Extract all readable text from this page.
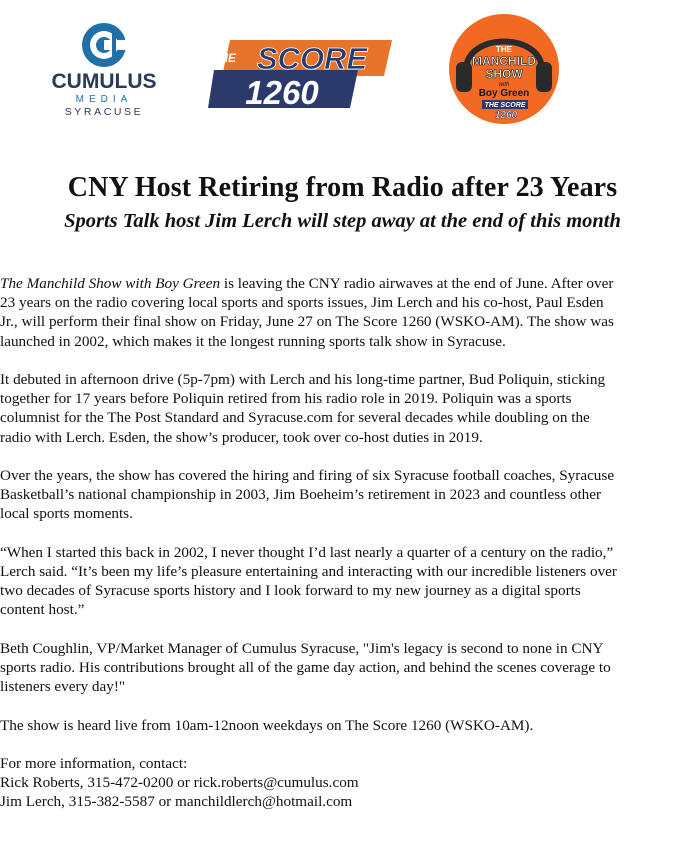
CUMULUS
MEDIA
SYRACUSE
THE SCORE
1260
THE
MANCHILD
SHOW
with
Boy Green
THE SCORE
1260
CNY Host Retiring from Radio after 23 Years
Sports Talk host Jim Lerch will step away at the end of this month

The Manchild Show with Boy Green is leaving the CNY radio airwaves at the end of June. After over
23 years on the radio covering local sports and sports issues, Jim Lerch and his co-host, Paul Esden
Jr., will perform their final show on Friday, June 27 on The Score 1260 (WSKO-AM). The show was
launched in 2002, which makes it the longest running sports talk show in Syracuse.

It debuted in afternoon drive (5p-7pm) with Lerch and his long-time partner, Bud Poliquin, sticking
together for 17 years before Poliquin retired from his radio role in 2019. Poliquin was a sports
columnist for the The Post Standard and Syracuse.com for several decades while doubling on the
radio with Lerch. Esden, the show’s producer, took over co-host duties in 2019.

Over the years, the show has covered the hiring and firing of six Syracuse football coaches, Syracuse
Basketball’s national championship in 2003, Jim Boeheim’s retirement in 2023 and countless other
local sports moments.

“When I started this back in 2002, I never thought I’d last nearly a quarter of a century on the radio,”
Lerch said. “It’s been my life’s pleasure entertaining and interacting with our incredible listeners over
two decades of Syracuse sports history and I look forward to my new journey as a digital sports
content host.”

Beth Coughlin, VP/Market Manager of Cumulus Syracuse, "Jim's legacy is second to none in CNY
sports radio. His contributions brought all of the game day action, and behind the scenes coverage to
listeners every day!"

The show is heard live from 10am-12noon weekdays on The Score 1260 (WSKO-AM).

For more information, contact:
Rick Roberts, 315-472-0200 or rick.roberts@cumulus.com
Jim Lerch, 315-382-5587 or manchildlerch@hotmail.com
